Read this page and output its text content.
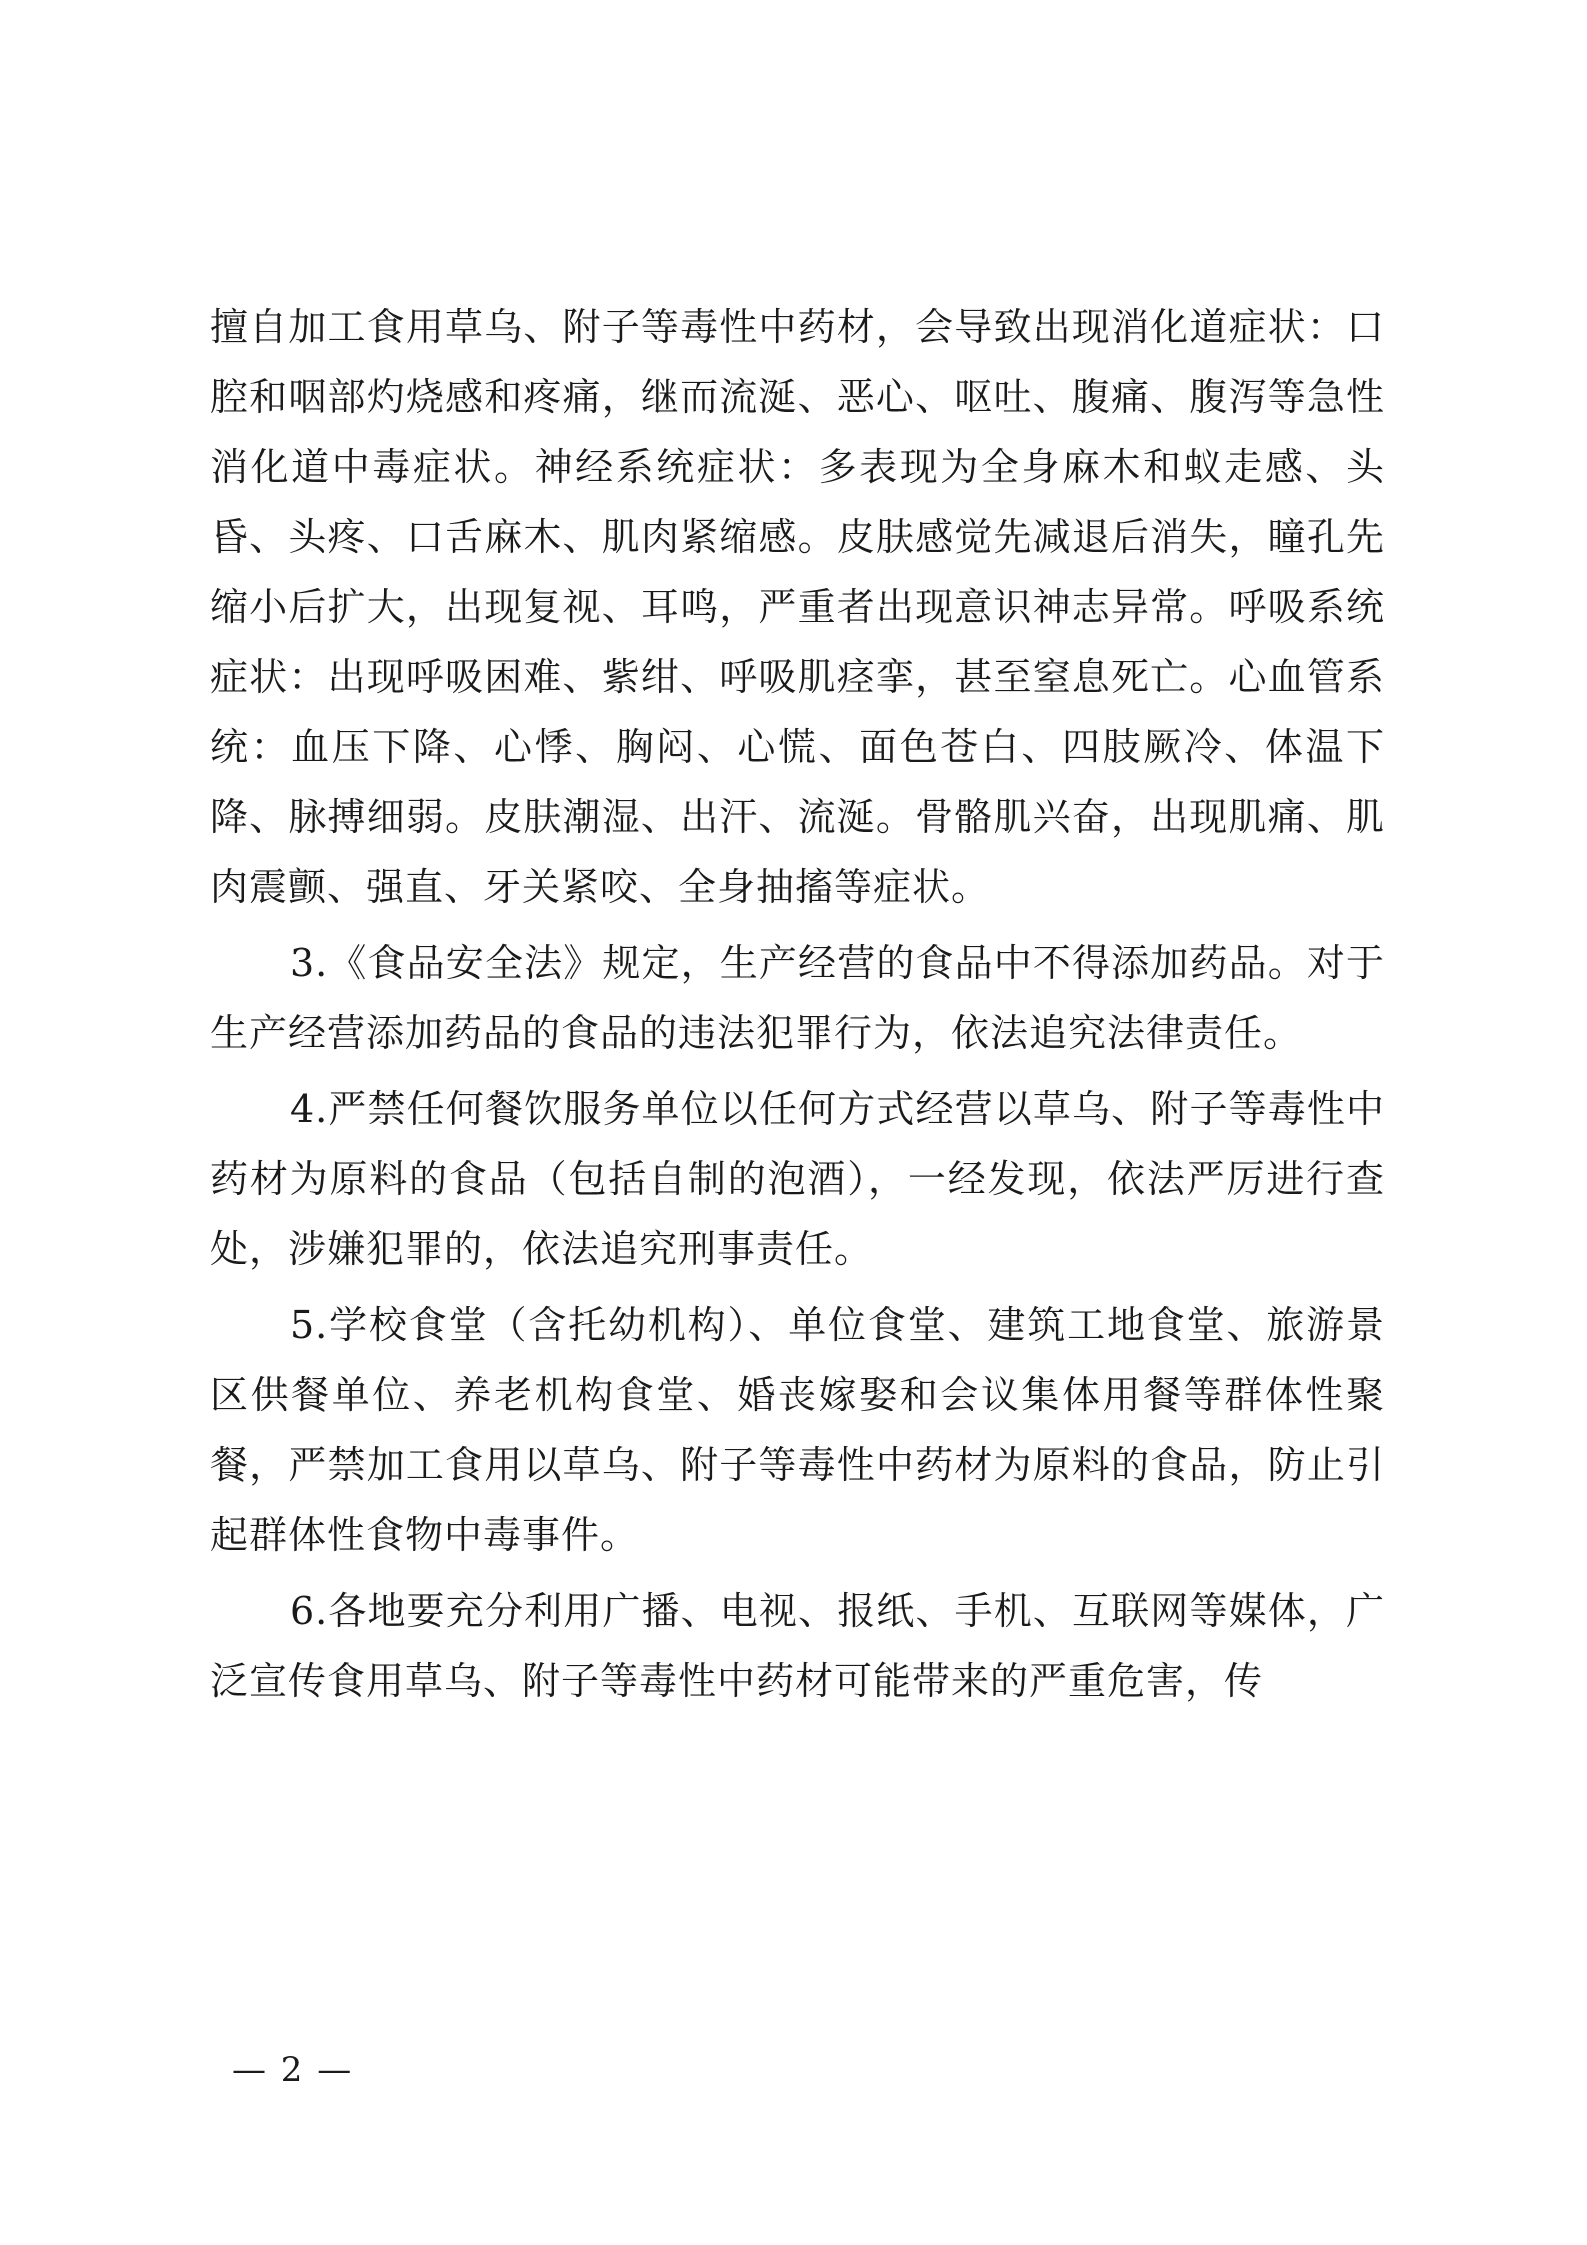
擅自加工食用草乌、附子等毒性中药材，会导致出现消化道症状：口腔和咽部灼烧感和疼痛，继而流涎、恶心、呕吐、腹痛、腹泻等急性消化道中毒症状。神经系统症状：多表现为全身麻木和蚁走感、头昏、头疼、口舌麻木、肌肉紧缩感。皮肤感觉先减退后消失，瞳孔先缩小后扩大，出现复视、耳鸣，严重者出现意识神志异常。呼吸系统症状：出现呼吸困难、紫绀、呼吸肌痉挛，甚至窒息死亡。心血管系统：血压下降、心悸、胸闷、心慌、面色苍白、四肢厥冷、体温下降、脉搏细弱。皮肤潮湿、出汗、流涎。骨骼肌兴奋，出现肌痛、肌肉震颤、强直、牙关紧咬、全身抽搐等症状。

3.《食品安全法》规定，生产经营的食品中不得添加药品。对于生产经营添加药品的食品的违法犯罪行为，依法追究法律责任。

4.严禁任何餐饮服务单位以任何方式经营以草乌、附子等毒性中药材为原料的食品（包括自制的泡酒），一经发现，依法严厉进行查处，涉嫌犯罪的，依法追究刑事责任。

5.学校食堂（含托幼机构）、单位食堂、建筑工地食堂、旅游景区供餐单位、养老机构食堂、婚丧嫁娶和会议集体用餐等群体性聚餐，严禁加工食用以草乌、附子等毒性中药材为原料的食品，防止引起群体性食物中毒事件。

6.各地要充分利用广播、电视、报纸、手机、互联网等媒体，广泛宣传食用草乌、附子等毒性中药材可能带来的严重危害，传

— 2 —
